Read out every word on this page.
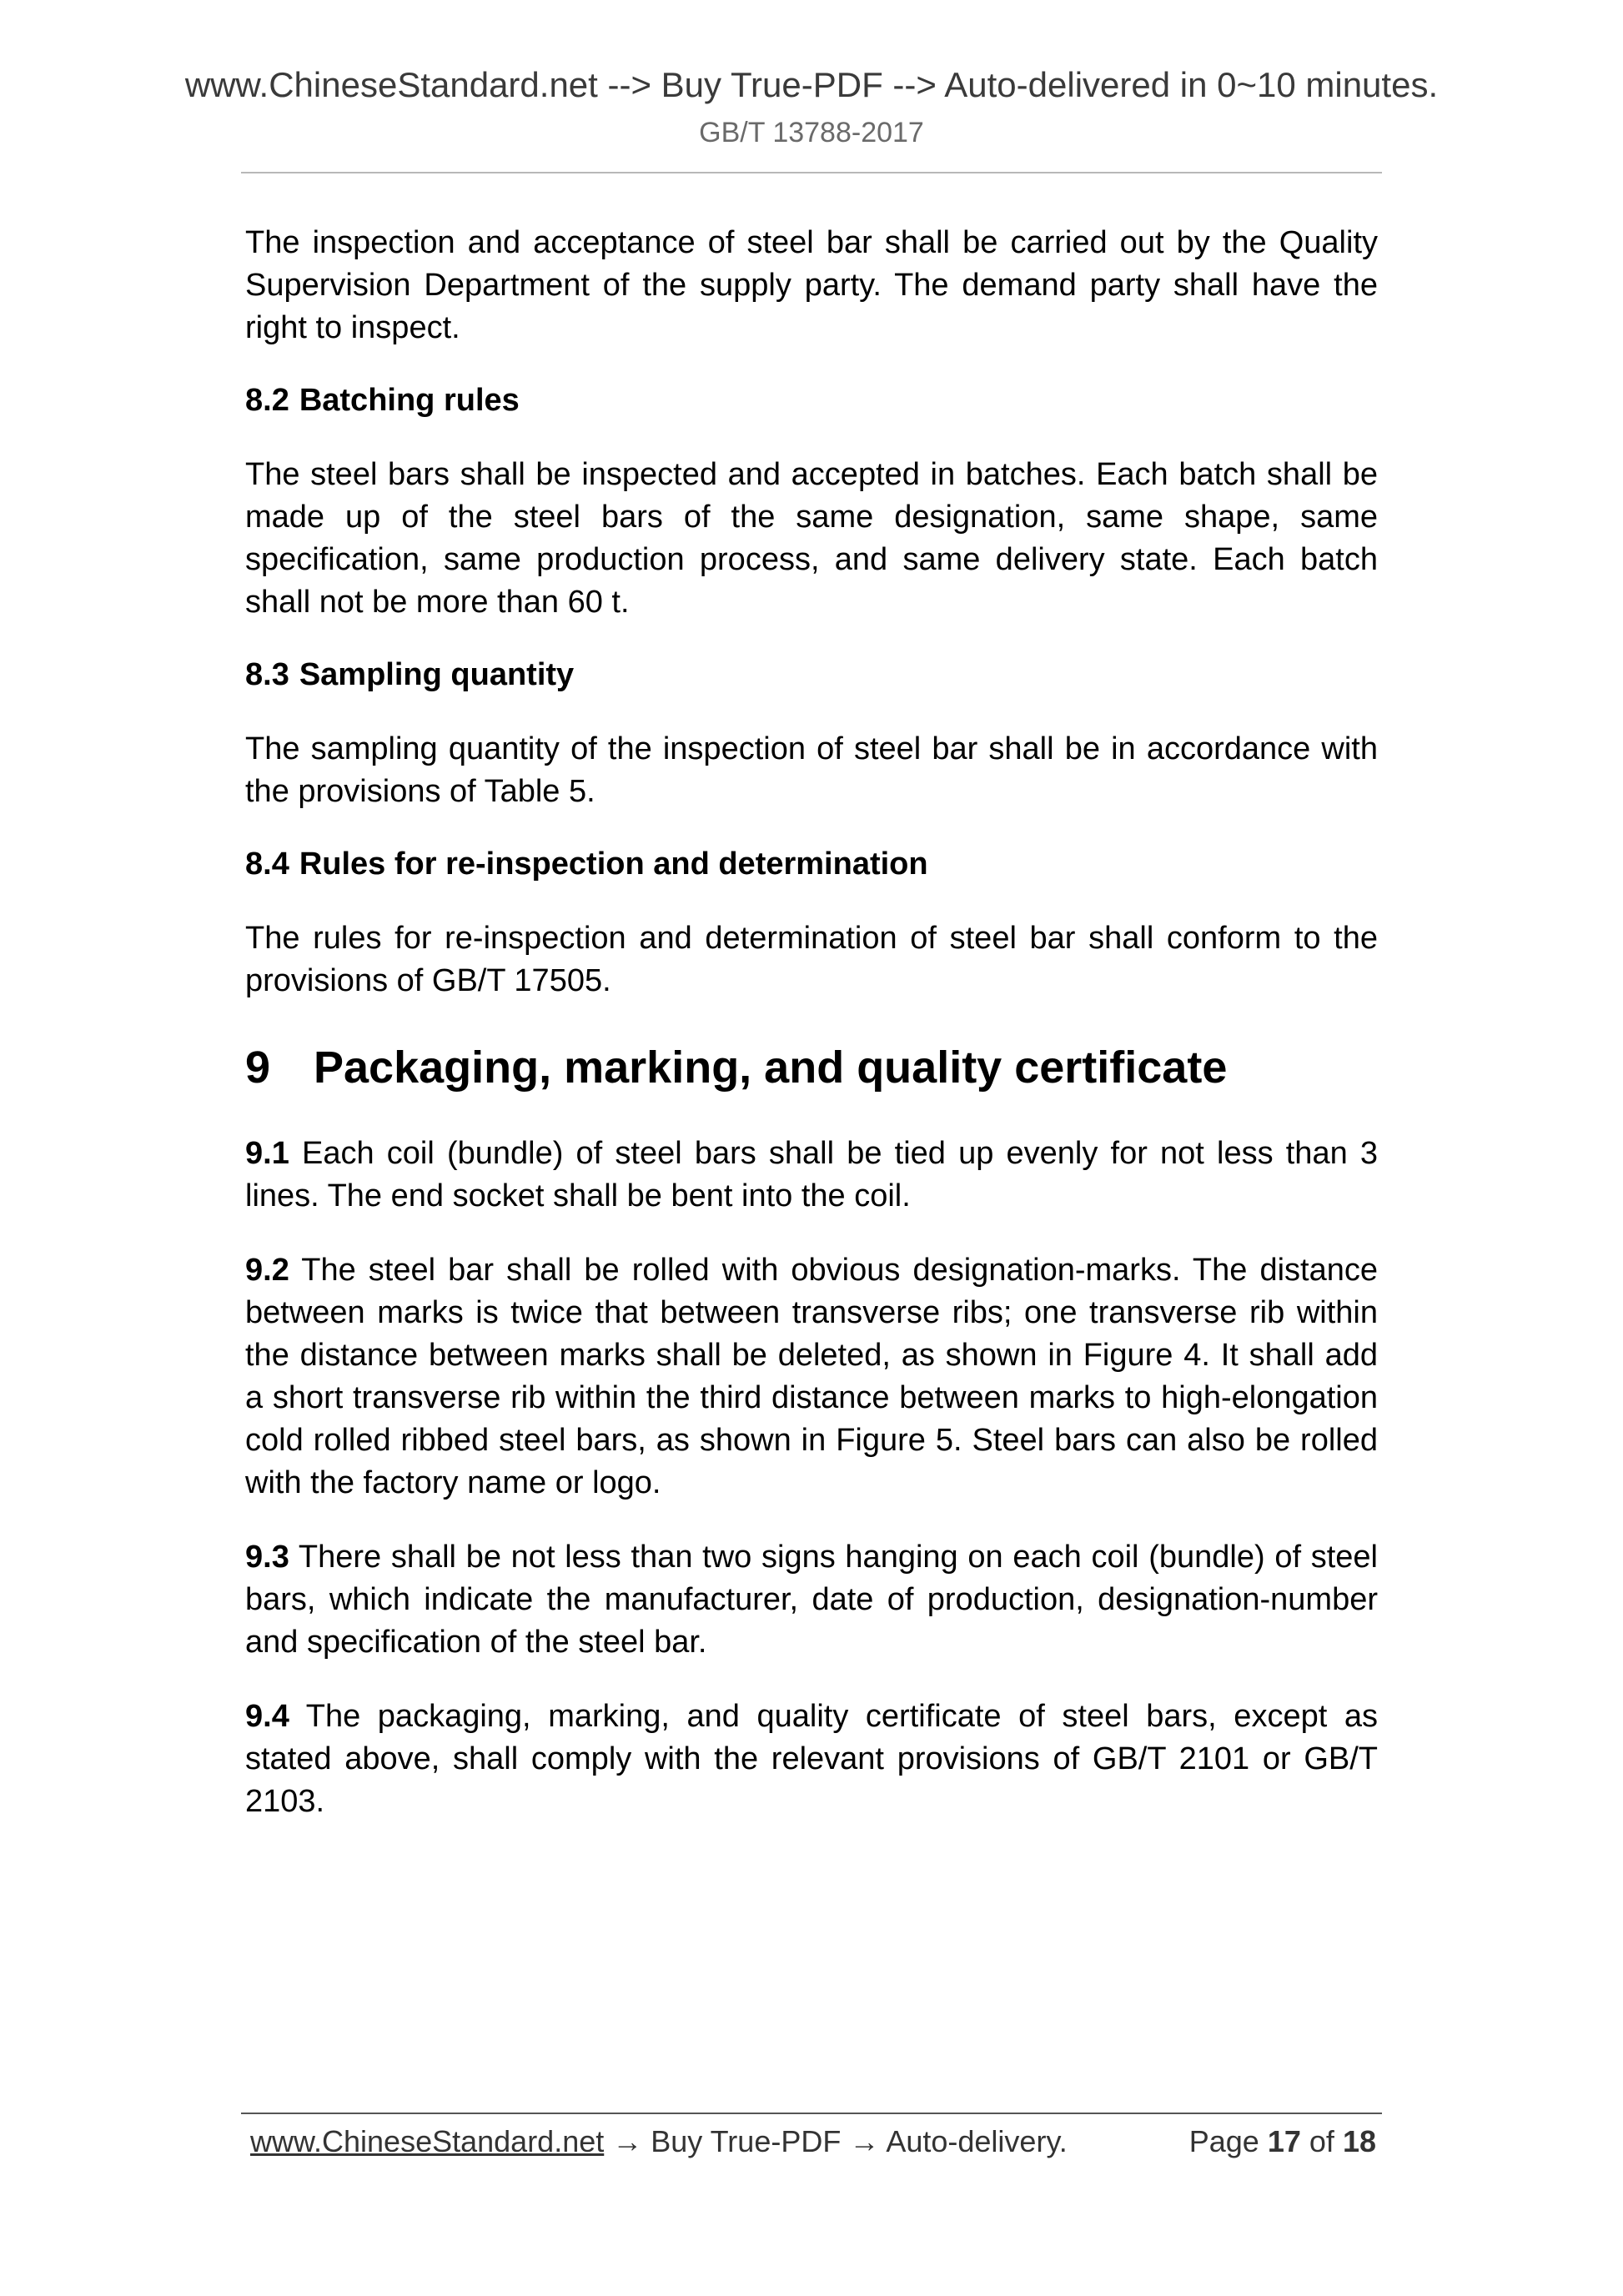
www.ChineseStandard.net --> Buy True-PDF --> Auto-delivered in 0~10 minutes.
GB/T 13788-2017

The inspection and acceptance of steel bar shall be carried out by the Quality Supervision Department of the supply party. The demand party shall have the right to inspect.

8.2 Batching rules

The steel bars shall be inspected and accepted in batches. Each batch shall be made up of the steel bars of the same designation, same shape, same specification, same production process, and same delivery state. Each batch shall not be more than 60 t.

8.3 Sampling quantity

The sampling quantity of the inspection of steel bar shall be in accordance with the provisions of Table 5.

8.4 Rules for re-inspection and determination

The rules for re-inspection and determination of steel bar shall conform to the provisions of GB/T 17505.

9 Packaging, marking, and quality certificate

9.1 Each coil (bundle) of steel bars shall be tied up evenly for not less than 3 lines. The end socket shall be bent into the coil.

9.2 The steel bar shall be rolled with obvious designation-marks. The distance between marks is twice that between transverse ribs; one transverse rib within the distance between marks shall be deleted, as shown in Figure 4. It shall add a short transverse rib within the third distance between marks to high-elongation cold rolled ribbed steel bars, as shown in Figure 5. Steel bars can also be rolled with the factory name or logo.

9.3 There shall be not less than two signs hanging on each coil (bundle) of steel bars, which indicate the manufacturer, date of production, designation-number and specification of the steel bar.

9.4 The packaging, marking, and quality certificate of steel bars, except as stated above, shall comply with the relevant provisions of GB/T 2101 or GB/T 2103.

www.ChineseStandard.net → Buy True-PDF → Auto-delivery.	Page 17 of 18
